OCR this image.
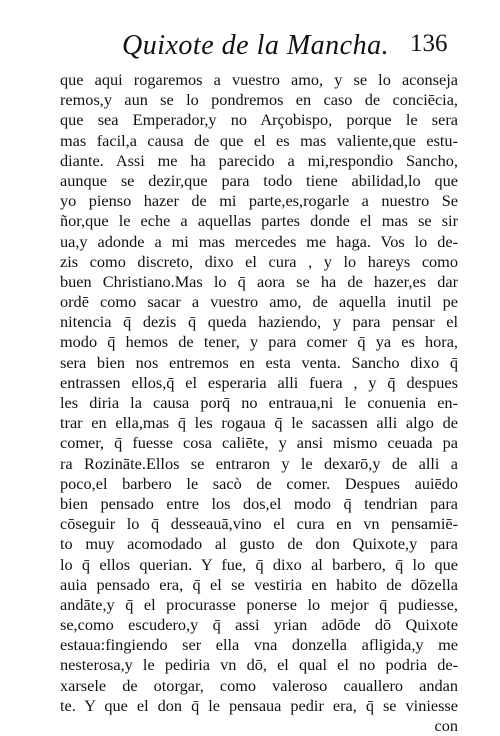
Quixote de la Mancha. 136
que aqui rogaremos a vuestro amo, y se lo aconseja
remos,y aun se lo pondremos en caso de conciēcia,
que sea Emperador,y no Arçobispo, porque le sera
mas facil,a causa de que el es mas valiente,que estu-
diante. Assi me ha parecido a mi,respondio Sancho,
aunque se dezir,que para todo tiene abilidad,lo que
yo pienso hazer de mi parte,es,rogarle a nuestro Se
ñor,que le eche a aquellas partes donde el mas se sir
ua,y adonde a mi mas mercedes me haga. Vos lo de-
zis como discreto, dixo el cura , y lo hareys como
buen Christiano.Mas lo q̄ aora se ha de hazer,es dar
ordē como sacar a vuestro amo, de aquella inutil pe
nitencia q̄ dezis q̄ queda haziendo, y para pensar el
modo q̄ hemos de tener, y para comer q̄ ya es hora,
sera bien nos entremos en esta venta. Sancho dixo q̄
entrassen ellos,q̄ el esperaria alli fuera , y q̄ despues
les diria la causa porq̄ no entraua,ni le conuenia en-
trar en ella,mas q̄ les rogaua q̄ le sacassen alli algo de
comer, q̄ fuesse cosa caliēte, y ansi mismo ceuada pa
ra Rozināte.Ellos se entraron y le dexarō,y de alli a
poco,el barbero le sacò de comer. Despues auiēdo
bien pensado entre los dos,el modo q̄ tendrian para
cōseguir lo q̄ desseauā,vino el cura en vn pensamiē-
to muy acomodado al gusto de don Quixote,y para
lo q̄ ellos querian. Y fue, q̄ dixo al barbero, q̄ lo que
auia pensado era, q̄ el se vestiria en habito de dōzella
andāte,y q̄ el procurasse ponerse lo mejor q̄ pudiesse,
se,como escudero,y q̄ assi yrian adōde dō Quixote
estaua:fingiendo ser ella vna donzella afligida,y me
nesterosa,y le pediria vn dō, el qual el no podria de-
xarsele de otorgar, como valeroso cauallero andan
te. Y que el don q̄ le pensaua pedir era, q̄ se viniesse
con
